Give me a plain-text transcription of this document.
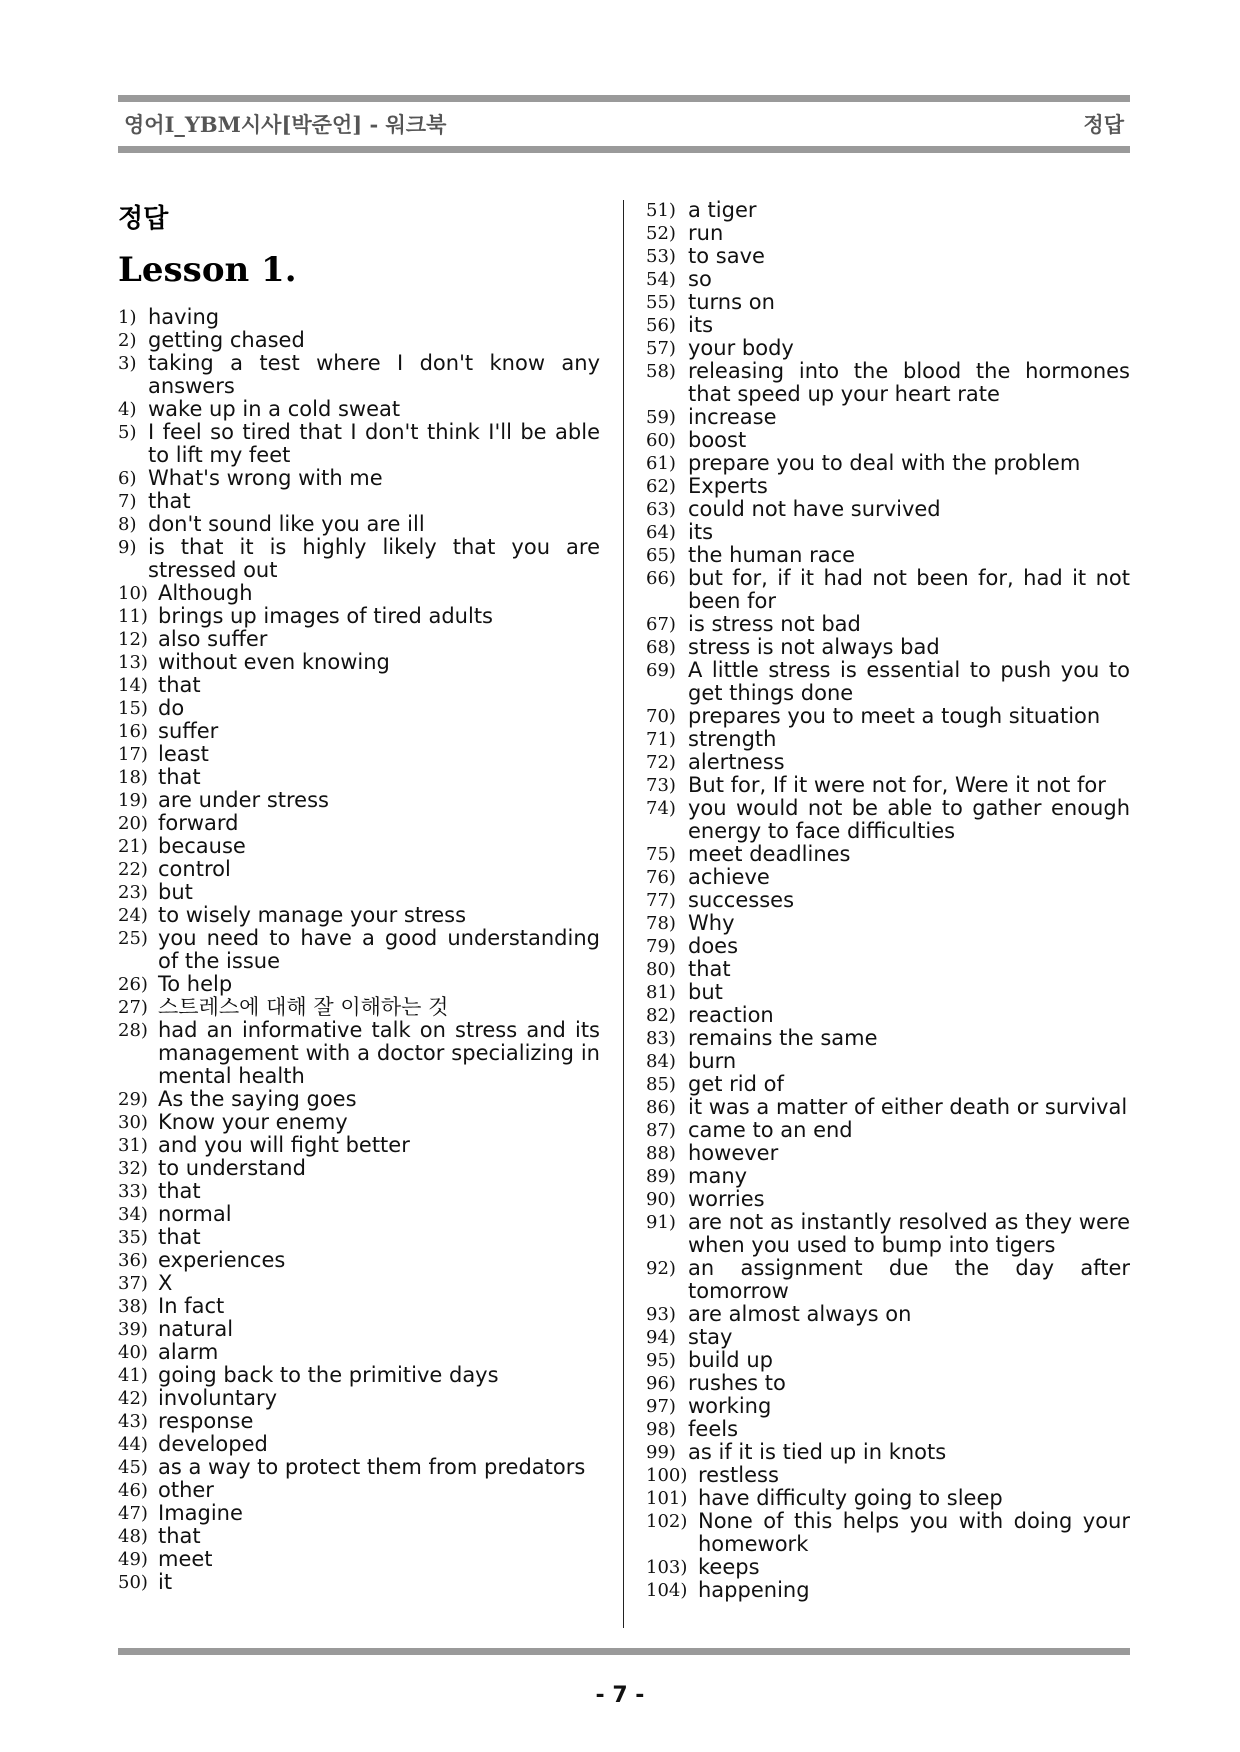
영어I_YBM시사[박준언] - 워크북	정답
정답
Lesson 1.
1) having
2) getting chased
3) taking a test where I don't know any answers
4) wake up in a cold sweat
5) I feel so tired that I don't think I'll be able to lift my feet
6) What's wrong with me
7) that
8) don't sound like you are ill
9) is that it is highly likely that you are stressed out
10) Although
11) brings up images of tired adults
12) also suffer
13) without even knowing
14) that
15) do
16) suffer
17) least
18) that
19) are under stress
20) forward
21) because
22) control
23) but
24) to wisely manage your stress
25) you need to have a good understanding of the issue
26) To help
27) 스트레스에 대해 잘 이해하는 것
28) had an informative talk on stress and its management with a doctor specializing in mental health
29) As the saying goes
30) Know your enemy
31) and you will fight better
32) to understand
33) that
34) normal
35) that
36) experiences
37) X
38) In fact
39) natural
40) alarm
41) going back to the primitive days
42) involuntary
43) response
44) developed
45) as a way to protect them from predators
46) other
47) Imagine
48) that
49) meet
50) it
51) a tiger
52) run
53) to save
54) so
55) turns on
56) its
57) your body
58) releasing into the blood the hormones that speed up your heart rate
59) increase
60) boost
61) prepare you to deal with the problem
62) Experts
63) could not have survived
64) its
65) the human race
66) but for, if it had not been for, had it not been for
67) is stress not bad
68) stress is not always bad
69) A little stress is essential to push you to get things done
70) prepares you to meet a tough situation
71) strength
72) alertness
73) But for, If it were not for, Were it not for
74) you would not be able to gather enough energy to face difficulties
75) meet deadlines
76) achieve
77) successes
78) Why
79) does
80) that
81) but
82) reaction
83) remains the same
84) burn
85) get rid of
86) it was a matter of either death or survival
87) came to an end
88) however
89) many
90) worries
91) are not as instantly resolved as they were when you used to bump into tigers
92) an assignment due the day after tomorrow
93) are almost always on
94) stay
95) build up
96) rushes to
97) working
98) feels
99) as if it is tied up in knots
100) restless
101) have difficulty going to sleep
102) None of this helps you with doing your homework
103) keeps
104) happening
- 7 -
